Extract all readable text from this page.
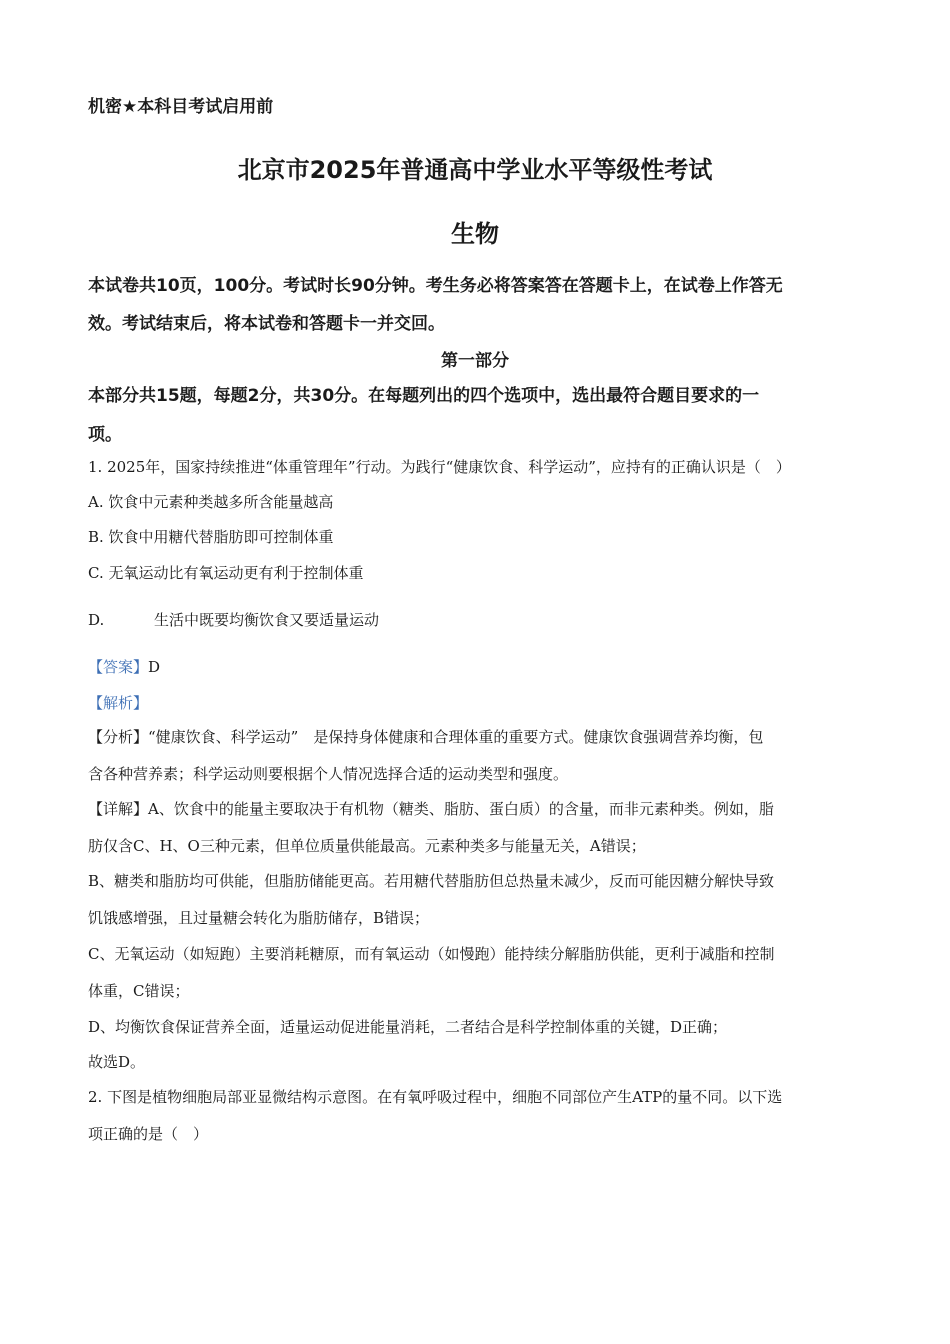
机密★本科目考试启用前
北京市2025年普通高中学业水平等级性考试
生物
本试卷共10页，100分。考试时长90分钟。考生务必将答案答在答题卡上，在试卷上作答无
效。考试结束后，将本试卷和答题卡一并交回。
第一部分
本部分共15题，每题2分，共30分。在每题列出的四个选项中，选出最符合题目要求的一
项。
1. 2025年，国家持续推进“体重管理年”行动。为践行“健康饮食、科学运动”，应持有的正确认识是（　）
A. 饮食中元素种类越多所含能量越高
B. 饮食中用糖代替脂肪即可控制体重
C. 无氧运动比有氧运动更有利于控制体重
D.	生活中既要均衡饮食又要适量运动
【答案】D
【解析】
【分析】“健康饮食、科学运动”　是保持身体健康和合理体重的重要方式。健康饮食强调营养均衡，包
含各种营养素；科学运动则要根据个人情况选择合适的运动类型和强度。
【详解】A、饮食中的能量主要取决于有机物（糖类、脂肪、蛋白质）的含量，而非元素种类。例如，脂
肪仅含C、H、O三种元素，但单位质量供能最高。元素种类多与能量无关，A错误；
B、糖类和脂肪均可供能，但脂肪储能更高。若用糖代替脂肪但总热量未减少，反而可能因糖分解快导致
饥饿感增强，且过量糖会转化为脂肪储存，B错误；
C、无氧运动（如短跑）主要消耗糖原，而有氧运动（如慢跑）能持续分解脂肪供能，更利于减脂和控制
体重，C错误；
D、均衡饮食保证营养全面，适量运动促进能量消耗，二者结合是科学控制体重的关键，D正确；
故选D。
2. 下图是植物细胞局部亚显微结构示意图。在有氧呼吸过程中，细胞不同部位产生ATP的量不同。以下选
项正确的是（　）
